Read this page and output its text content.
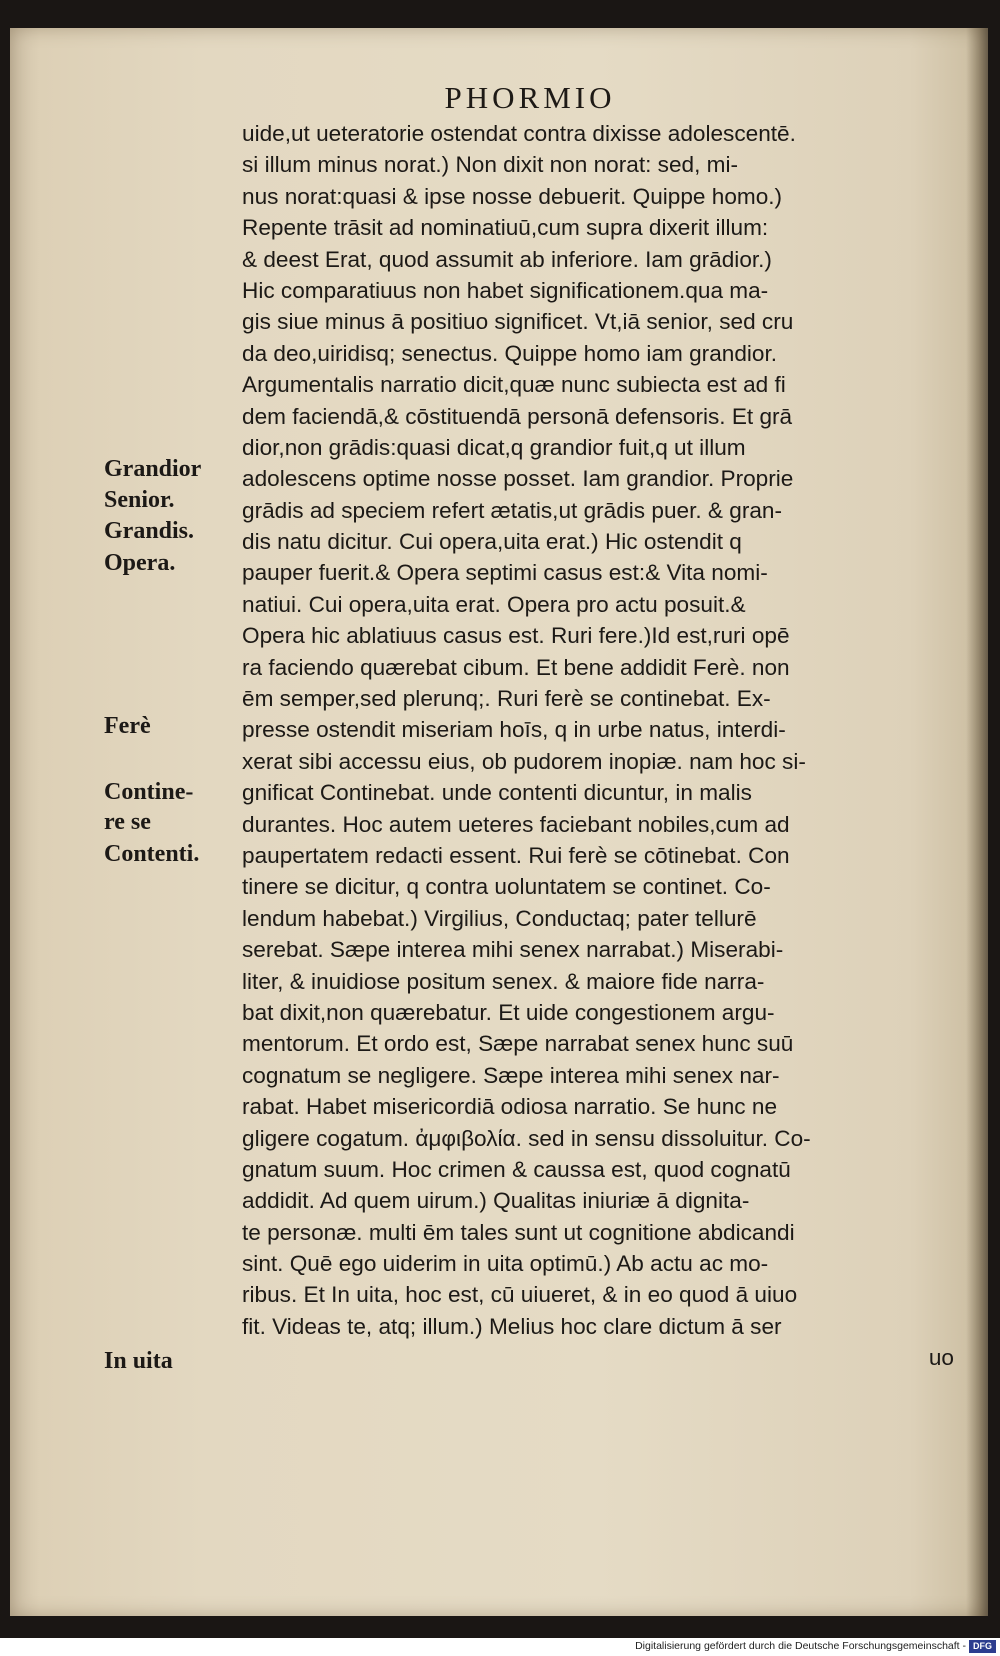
PHORMIO
uide,ut ueteratorie ostendat contra dixisse adolescentē.
si illum minus norat.) Non dixit non norat: sed, mi-
nus norat:quasi & ipse nosse debuerit. Quippe homo.)
Repente trāsit ad nominatiuū,cum supra dixerit illum:
& deest Erat, quod assumit ab inferiore. Iam grādior.)
Hic comparatiuus non habet significationem.qua ma-
gis siue minus ā positiuo significet. Vt,iā senior, sed cru
da deo,uiridisq; senectus. Quippe homo iam grandior.
Argumentalis narratio dicit,quæ nunc subiecta est ad fi
dem faciendā,& cōstituendā personā defensoris. Et grā
dior,non grādis:quasi dicat,q grandior fuit,q ut illum
adolescens optime nosse posset. Iam grandior. Proprie
grādis ad speciem refert ætatis,ut grādis puer. & gran-
dis natu dicitur. Cui opera,uita erat.) Hic ostendit q
pauper fuerit.& Opera septimi casus est:& Vita nomi-
natiui. Cui opera,uita erat. Opera pro actu posuit.&
Opera hic ablatiuus casus est. Ruri fere.)Id est,ruri opē
ra faciendo quærebat cibum. Et bene addidit Ferè. non
ēm semper,sed plerunq;. Ruri ferè se continebat. Ex-
presse ostendit miseriam hoīs, q in urbe natus, interdi-
xerat sibi accessu eius, ob pudorem inopiæ. nam hoc si-
gnificat Continebat. unde contenti dicuntur, in malis
durantes. Hoc autem ueteres faciebant nobiles,cum ad
paupertatem redacti essent. Rui ferè se cōtinebat. Con
tinere se dicitur, q contra uoluntatem se continet. Co-
lendum habebat.) Virgilius, Conductaq; pater tellurē
serebat. Sæpe interea mihi senex narrabat.) Miserabi-
liter, & inuidiose positum senex. & maiore fide narra-
bat dixit,non quærebatur. Et uide congestionem argu-
mentorum. Et ordo est, Sæpe narrabat senex hunc suū
cognatum se negligere. Sæpe interea mihi senex nar-
rabat. Habet misericordiā odiosa narratio. Se hunc ne
gligere cogatum. ἀμφιβολία. sed in sensu dissoluitur. Co-
gnatum suum. Hoc crimen & caussa est, quod cognatū
addidit. Ad quem uirum.) Qualitas iniuriæ ā dignita-
te personæ. multi ēm tales sunt ut cognitione abdicandi
sint. Quē ego uiderim in uita optimū.) Ab actu ac mo-
ribus. Et In uita, hoc est, cū uiueret, & in eo quod ā uiuo
fit. Videas te, atq; illum.) Melius hoc clare dictum ā ser
uo
Grandior
Senior.
Grandis.
Opera.
Ferè
Contine-
re se
Contenti.
In uita
Digitalisierung gefördert durch die Deutsche Forschungsgemeinschaft - DFG
